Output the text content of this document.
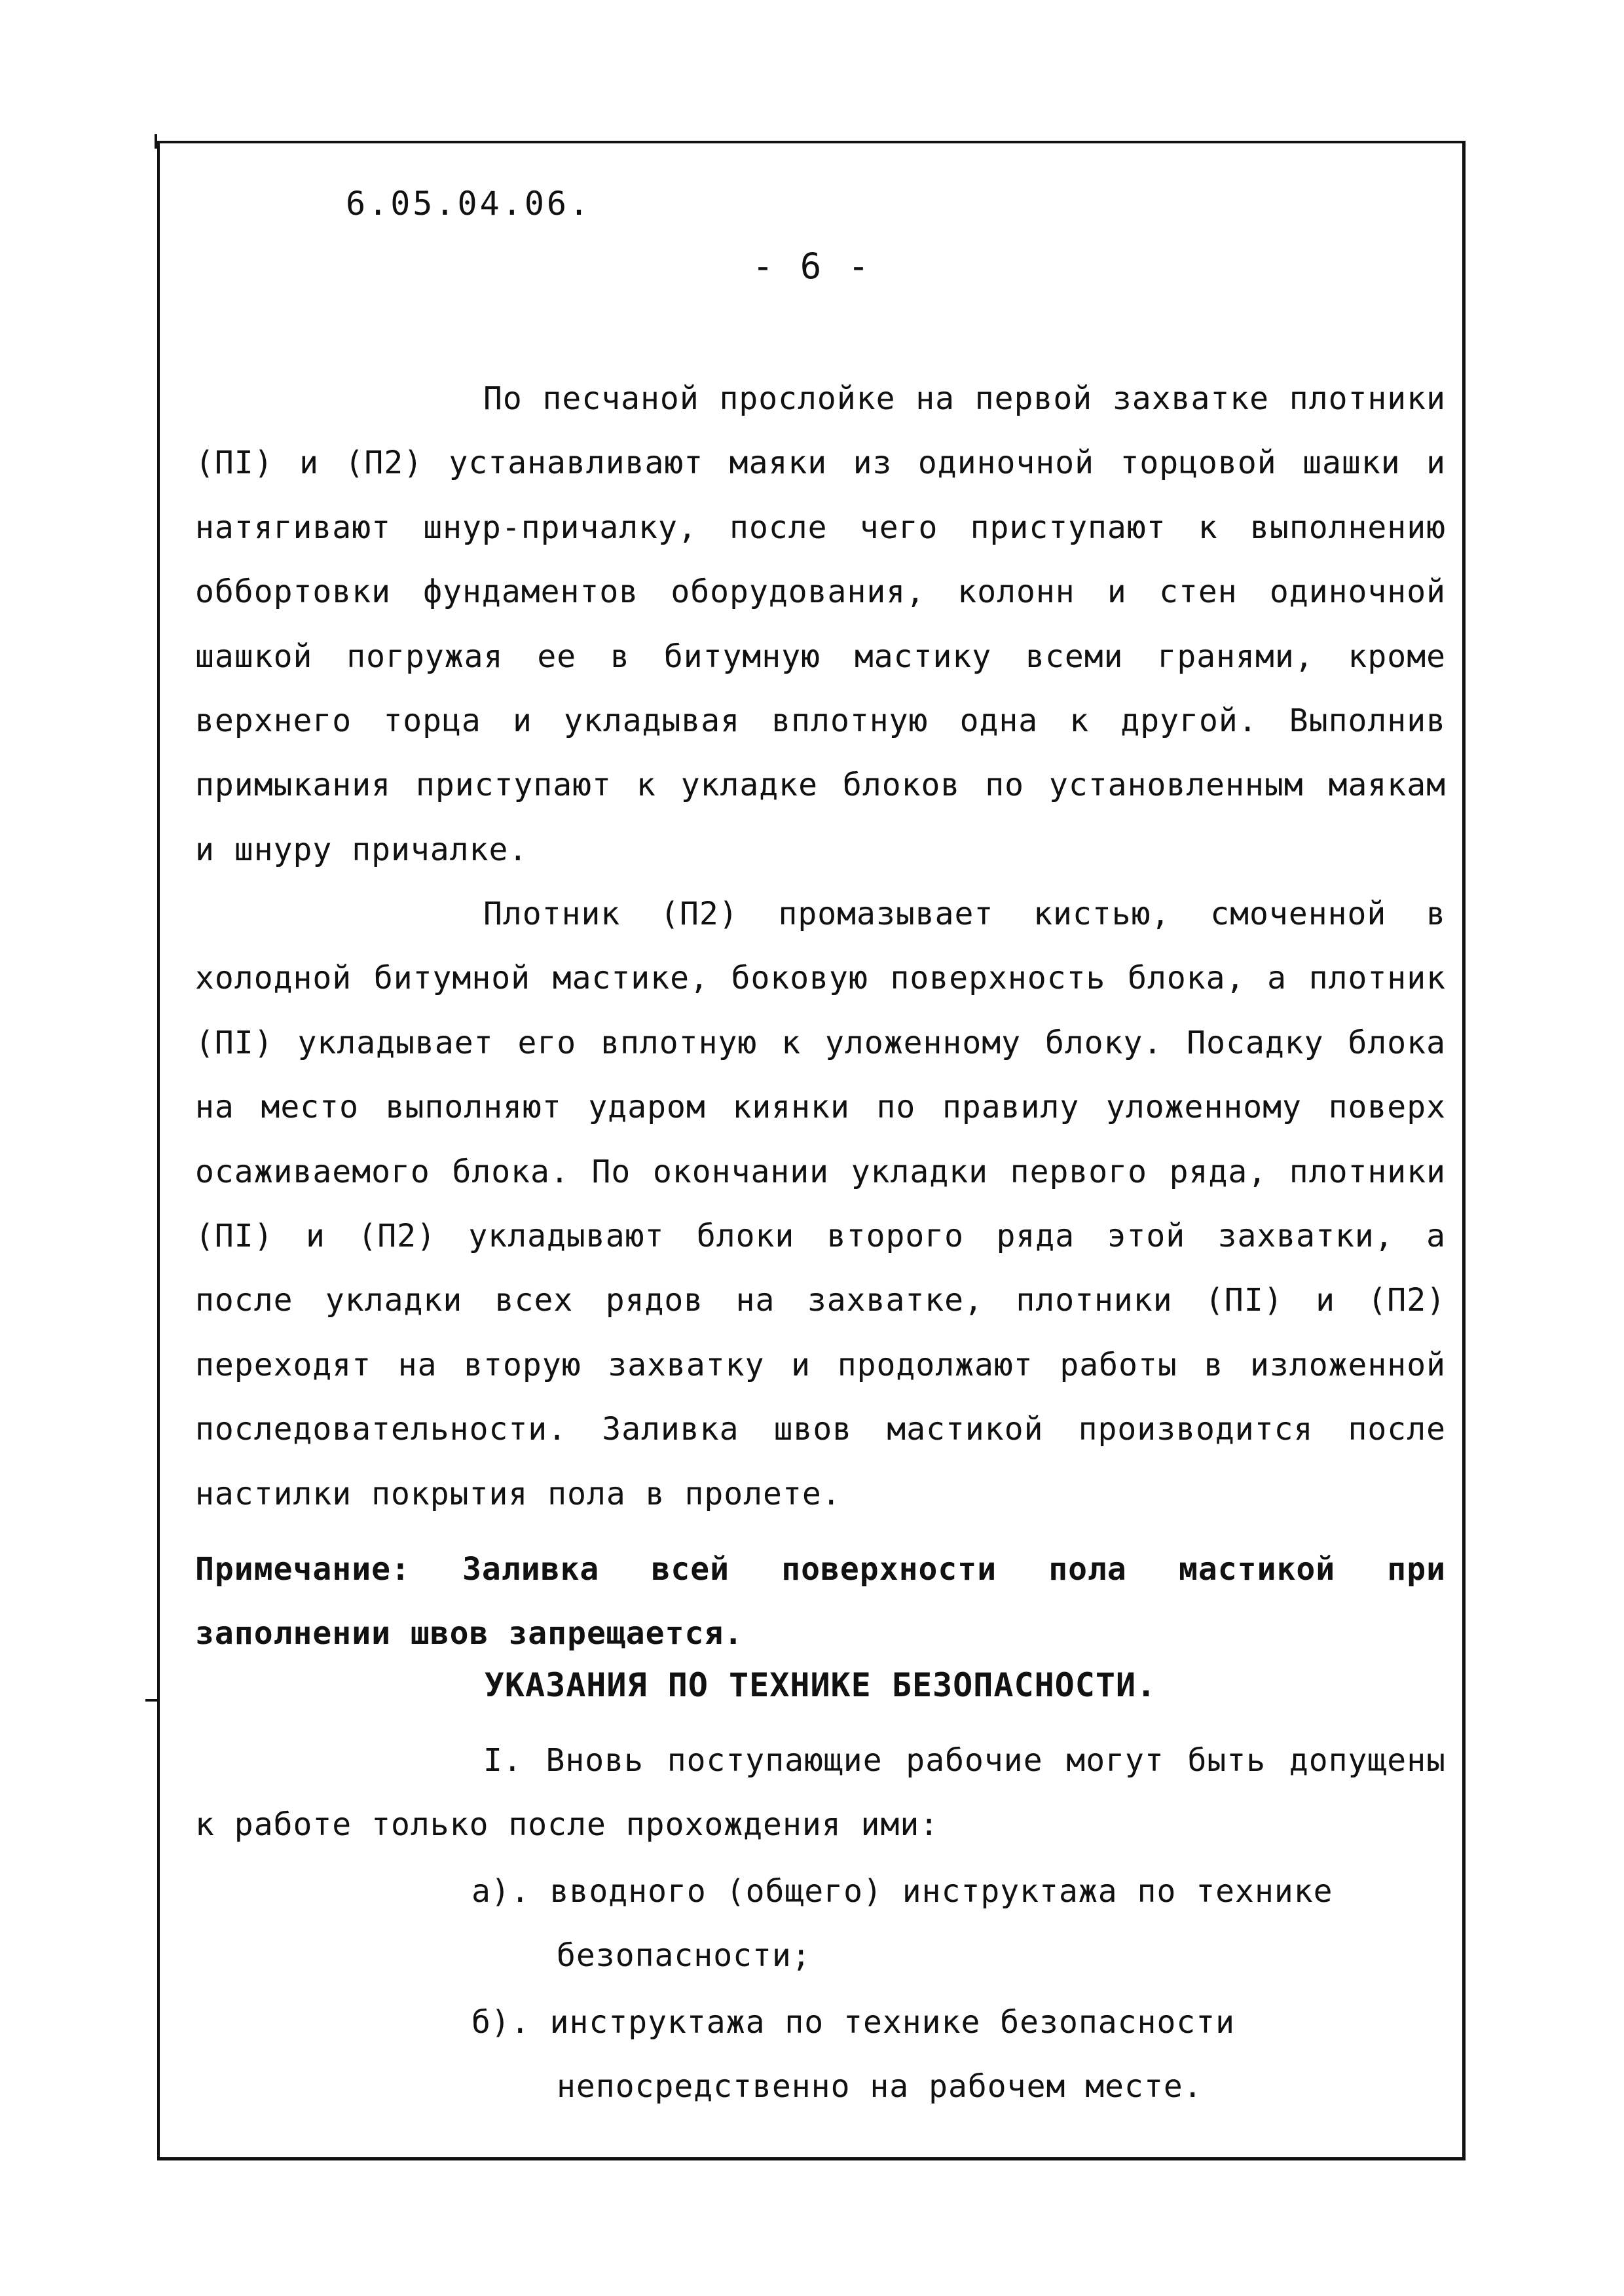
6.05.04.06.

- 6 -

По песчаной прослойке на первой захватке плотники (ПI) и (П2) устанавливают маяки из одиночной торцовой шашки и натягивают шнур-причалку, после чего приступают к выполнению оббортовки фундаментов оборудования, колонн и стен одиночной шашкой погружая ее в битумную мастику всеми гранями, кроме верхнего торца и укладывая вплотную одна к другой. Выполнив примыкания приступают к укладке блоков по установленным маякам и шнуру причалке.

Плотник (П2) промазывает кистью, смоченной в холодной битумной мастике, боковую поверхность блока, а плотник (ПI) укладывает его вплотную к уложенному блоку. Посадку блока на место выполняют ударом киянки по правилу уложенному поверх осаживаемого блока. По окончании укладки первого ряда, плотники (ПI) и (П2) укладывают блоки второго ряда этой захватки, а после укладки всех рядов на захватке, плотники (ПI) и (П2) переходят на вторую захватку и продолжают работы в изложенной последовательности. Заливка швов мастикой производится после настилки покрытия пола в пролете.

Примечание: Заливка всей поверхности пола мастикой при заполнении швов запрещается.

УКАЗАНИЯ ПО ТЕХНИКЕ БЕЗОПАСНОСТИ.

I. Вновь поступающие рабочие могут быть допущены к работе только после прохождения ими:

а). вводного (общего) инструктажа по технике безопасности;

б). инструктажа по технике безопасности непосредственно на рабочем месте.
